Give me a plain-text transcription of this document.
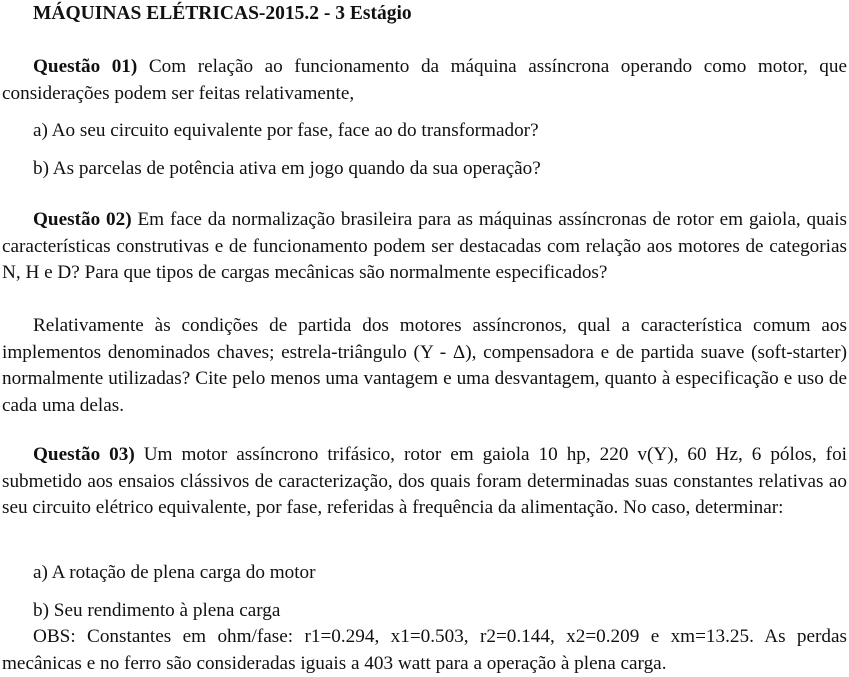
MÁQUINAS ELÉTRICAS-2015.2 - 3 Estágio

Questão 01) Com relação ao funcionamento da máquina assíncrona operando como motor, que considerações podem ser feitas relativamente,

a) Ao seu circuito equivalente por fase, face ao do transformador?

b) As parcelas de potência ativa em jogo quando da sua operação?

Questão 02) Em face da normalização brasileira para as máquinas assíncronas de rotor em gaiola, quais características construtivas e de funcionamento podem ser destacadas com relação aos motores de categorias N, H e D? Para que tipos de cargas mecânicas são normalmente especificados?

Relativamente às condições de partida dos motores assíncronos, qual a característica comum aos implementos denominados chaves; estrela-triângulo (Y - Δ), compensadora e de partida suave (soft-starter) normalmente utilizadas? Cite pelo menos uma vantagem e uma desvantagem, quanto à especificação e uso de cada uma delas.

Questão 03) Um motor assíncrono trifásico, rotor em gaiola 10 hp, 220 v(Y), 60 Hz, 6 pólos, foi submetido aos ensaios clássivos de caracterização, dos quais foram determinadas suas constantes relativas ao seu circuito elétrico equivalente, por fase, referidas à frequência da alimentação. No caso, determinar:

a) A rotação de plena carga do motor

b) Seu rendimento à plena carga

OBS: Constantes em ohm/fase: r1=0.294, x1=0.503, r2=0.144, x2=0.209 e xm=13.25. As perdas mecânicas e no ferro são consideradas iguais a 403 watt para a operação à plena carga.
